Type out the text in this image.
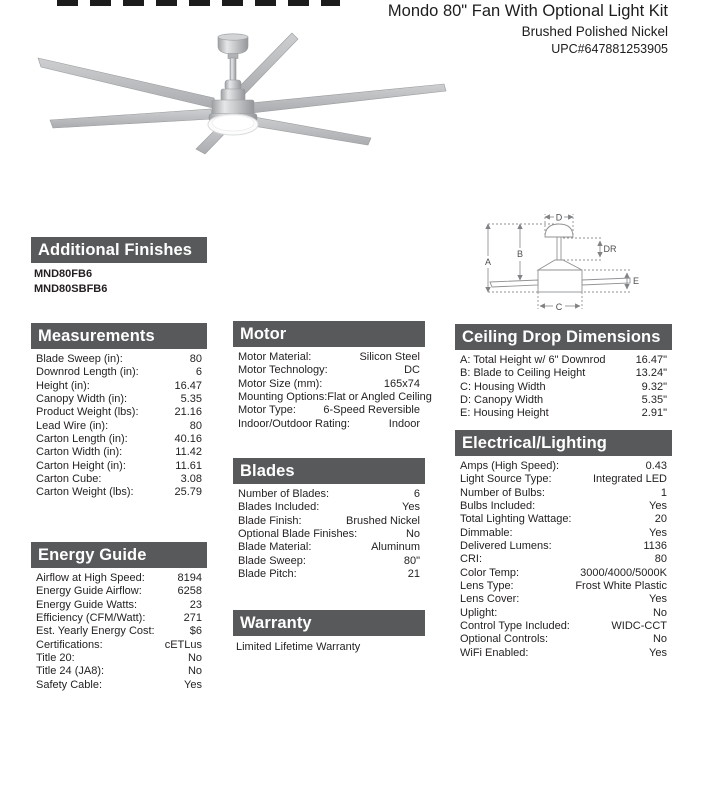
Mondo 80" Fan With Optional Light Kit
Brushed Polished Nickel
UPC#647881253905
A
B
C
D
E
DR
Additional Finishes
MND80FB6
MND80SBFB6
Measurements
Blade Sweep (in):	80
Downrod Length (in):	6
Height (in):	16.47
Canopy Width (in):	5.35
Product Weight (lbs):	21.16
Lead Wire (in):	80
Carton Length (in):	40.16
Carton Width (in):	11.42
Carton Height (in):	11.61
Carton Cube:	3.08
Carton Weight (lbs):	25.79
Energy Guide
Airflow at High Speed:	8194
Energy Guide Airflow:	6258
Energy Guide Watts:	23
Efficiency (CFM/Watt):	271
Est. Yearly Energy Cost:	$6
Certifications:	cETLus
Title 20:	No
Title 24 (JA8):	No
Safety Cable:	Yes
Motor
Motor Material:	Silicon Steel
Motor Technology:	DC
Motor Size (mm):	165x74
Mounting Options: Flat or Angled Ceiling
Motor Type: 6-Speed Reversible
Indoor/Outdoor Rating:	Indoor
Blades
Number of Blades:	6
Blades Included:	Yes
Blade Finish:	Brushed Nickel
Optional Blade Finishes:	No
Blade Material:	Aluminum
Blade Sweep:	80"
Blade Pitch:	21
Warranty
Limited Lifetime Warranty
Ceiling Drop Dimensions
A: Total Height w/ 6" Downrod	16.47"
B: Blade to Ceiling Height	13.24"
C: Housing Width	9.32"
D: Canopy Width	5.35"
E: Housing Height	2.91"
Electrical/Lighting
Amps (High Speed):	0.43
Light Source Type:	Integrated LED
Number of Bulbs:	1
Bulbs Included:	Yes
Total Lighting Wattage:	20
Dimmable:	Yes
Delivered Lumens:	1136
CRI:	80
Color Temp:	3000/4000/5000K
Lens Type:	Frost White Plastic
Lens Cover:	Yes
Uplight:	No
Control Type Included:	WIDC-CCT
Optional Controls:	No
WiFi Enabled:	Yes
